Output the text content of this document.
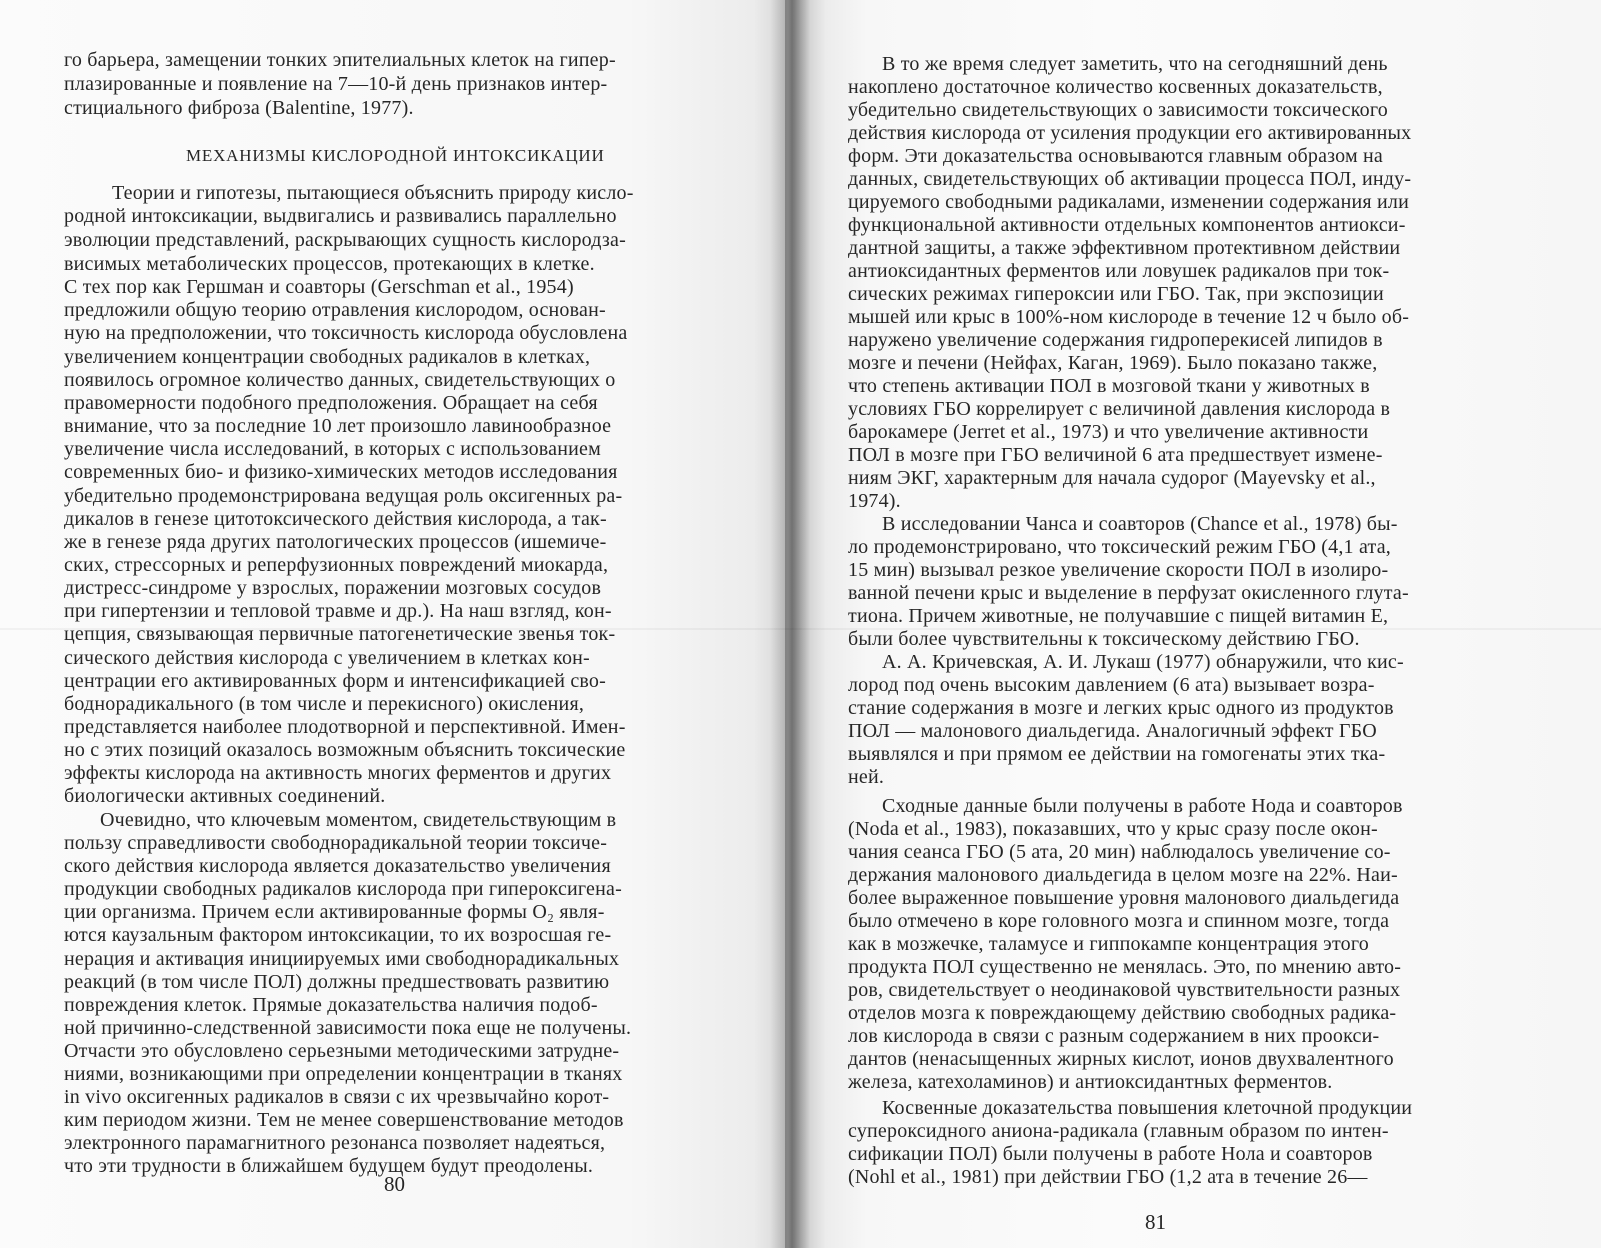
го барьера, замещении тонких эпителиальных клеток на гипер-
плазированные и появление на 7—10-й день признаков интер-
стициального фиброза (Balentine, 1977).
МЕХАНИЗМЫ КИСЛОРОДНОЙ ИНТОКСИКАЦИИ
Теории и гипотезы, пытающиеся объяснить природу кисло-
родной интоксикации, выдвигались и развивались параллельно
эволюции представлений, раскрывающих сущность кислородза-
висимых метаболических процессов, протекающих в клетке.
С тех пор как Гершман и соавторы (Gerschman et al., 1954)
предложили общую теорию отравления кислородом, основан-
ную на предположении, что токсичность кислорода обусловлена
увеличением концентрации свободных радикалов в клетках,
появилось огромное количество данных, свидетельствующих о
правомерности подобного предположения. Обращает на себя
внимание, что за последние 10 лет произошло лавинообразное
увеличение числа исследований, в которых с использованием
современных био- и физико-химических методов исследования
убедительно продемонстрирована ведущая роль оксигенных ра-
дикалов в генезе цитотоксического действия кислорода, а так-
же в генезе ряда других патологических процессов (ишемиче-
ских, стрессорных и реперфузионных повреждений миокарда,
дистресс-синдроме у взрослых, поражении мозговых сосудов
при гипертензии и тепловой травме и др.). На наш взгляд, кон-
цепция, связывающая первичные патогенетические звенья ток-
сического действия кислорода с увеличением в клетках кон-
центрации его активированных форм и интенсификацией сво-
боднорадикального (в том числе и перекисного) окисления,
представляется наиболее плодотворной и перспективной. Имен-
но с этих позиций оказалось возможным объяснить токсические
эффекты кислорода на активность многих ферментов и других
биологически активных соединений.
Очевидно, что ключевым моментом, свидетельствующим в
пользу справедливости свободнорадикальной теории токсиче-
ского действия кислорода является доказательство увеличения
продукции свободных радикалов кислорода при гипероксигена-
ции организма. Причем если активированные формы O₂ явля-
ются каузальным фактором интоксикации, то их возросшая ге-
нерация и активация инициируемых ими свободнорадикальных
реакций (в том числе ПОЛ) должны предшествовать развитию
повреждения клеток. Прямые доказательства наличия подоб-
ной причинно-следственной зависимости пока еще не получены.
Отчасти это обусловлено серьезными методическими затрудне-
ниями, возникающими при определении концентрации в тканях
in vivo оксигенных радикалов в связи с их чрезвычайно корот-
ким периодом жизни. Тем не менее совершенствование методов
электронного парамагнитного резонанса позволяет надеяться,
что эти трудности в ближайшем будущем будут преодолены.
80
В то же время следует заметить, что на сегодняшний день
накоплено достаточное количество косвенных доказательств,
убедительно свидетельствующих о зависимости токсического
действия кислорода от усиления продукции его активированных
форм. Эти доказательства основываются главным образом на
данных, свидетельствующих об активации процесса ПОЛ, инду-
цируемого свободными радикалами, изменении содержания или
функциональной активности отдельных компонентов антиокси-
дантной защиты, а также эффективном протективном действии
антиоксидантных ферментов или ловушек радикалов при ток-
сических режимах гипероксии или ГБО. Так, при экспозиции
мышей или крыс в 100%-ном кислороде в течение 12 ч было об-
наружено увеличение содержания гидроперекисей липидов в
мозге и печени (Нейфах, Каган, 1969). Было показано также,
что степень активации ПОЛ в мозговой ткани у животных в
условиях ГБО коррелирует с величиной давления кислорода в
барокамере (Jerret et al., 1973) и что увеличение активности
ПОЛ в мозге при ГБО величиной 6 ата предшествует измене-
ниям ЭКГ, характерным для начала судорог (Mayevsky et al.,
1974).
В исследовании Чанса и соавторов (Chance et al., 1978) бы-
ло продемонстрировано, что токсический режим ГБО (4,1 ата,
15 мин) вызывал резкое увеличение скорости ПОЛ в изолиро-
ванной печени крыс и выделение в перфузат окисленного глута-
тиона. Причем животные, не получавшие с пищей витамин E,
были более чувствительны к токсическому действию ГБО.
А. А. Кричевская, А. И. Лукаш (1977) обнаружили, что кис-
лород под очень высоким давлением (6 ата) вызывает возра-
стание содержания в мозге и легких крыс одного из продуктов
ПОЛ — малонового диальдегида. Аналогичный эффект ГБО
выявлялся и при прямом ее действии на гомогенаты этих тка-
ней.
Сходные данные были получены в работе Нода и соавторов
(Noda et al., 1983), показавших, что у крыс сразу после окон-
чания сеанса ГБО (5 ата, 20 мин) наблюдалось увеличение со-
держания малонового диальдегида в целом мозге на 22%. Наи-
более выраженное повышение уровня малонового диальдегида
было отмечено в коре головного мозга и спинном мозге, тогда
как в мозжечке, таламусе и гиппокампе концентрация этого
продукта ПОЛ существенно не менялась. Это, по мнению авто-
ров, свидетельствует о неодинаковой чувствительности разных
отделов мозга к повреждающему действию свободных радика-
лов кислорода в связи с разным содержанием в них проокси-
дантов (ненасыщенных жирных кислот, ионов двухвалентного
железа, катехоламинов) и антиоксидантных ферментов.
Косвенные доказательства повышения клеточной продукции
супероксидного аниона-радикала (главным образом по интен-
сификации ПОЛ) были получены в работе Нола и соавторов
(Nohl et al., 1981) при действии ГБО (1,2 ата в течение 26—
81
